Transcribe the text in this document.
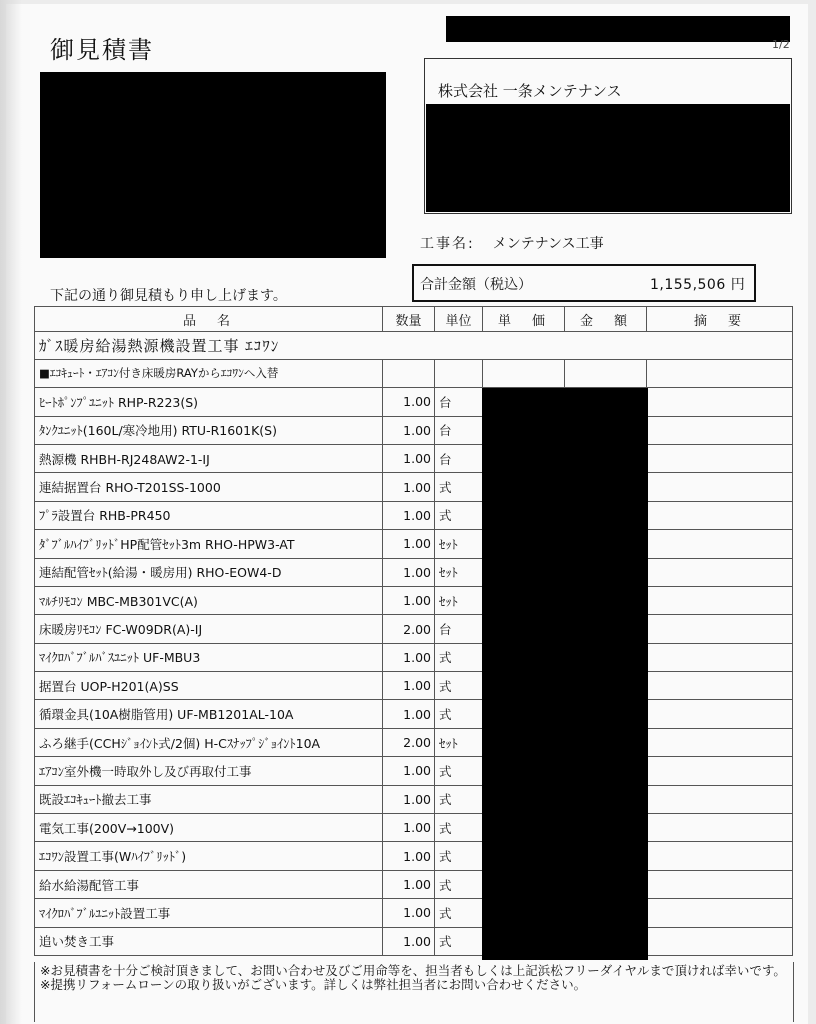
御見積書	1/2
株式会社 一条メンテナンス
工事名: メンテナンス工事
合計金額（税込）	1,155,506 円
下記の通り御見積もり申し上げます。
品　名	数量	単位	単　価	金　額	摘　要
ｶﾞｽ暖房給湯熱源機設置工事 ｴｺﾜﾝ					
■ｴｺｷｭｰﾄ・ｴｱｺﾝ付き床暖房RAYからｴｺﾜﾝへ入替					
ﾋｰﾄﾎﾟﾝﾌﾟﾕﾆｯﾄ RHP-R223(S)	1.00	台			
ﾀﾝｸﾕﾆｯﾄ(160L/寒冷地用) RTU-R1601K(S)	1.00	台			
熱源機 RHBH-RJ248AW2-1-IJ	1.00	台			
連結据置台 RHO-T201SS-1000	1.00	式			
ﾌﾟﾗ設置台 RHB-PR450	1.00	式			
ﾀﾞﾌﾞﾙﾊｲﾌﾞﾘｯﾄﾞHP配管ｾｯﾄ3m RHO-HPW3-AT	1.00	ｾｯﾄ			
連結配管ｾｯﾄ(給湯・暖房用) RHO-EOW4-D	1.00	ｾｯﾄ			
ﾏﾙﾁﾘﾓｺﾝ MBC-MB301VC(A)	1.00	ｾｯﾄ			
床暖房ﾘﾓｺﾝ FC-W09DR(A)-IJ	2.00	台			
ﾏｲｸﾛﾊﾞﾌﾞﾙﾊﾞｽﾕﾆｯﾄ UF-MBU3	1.00	式			
据置台 UOP-H201(A)SS	1.00	式			
循環金具(10A樹脂管用) UF-MB1201AL-10A	1.00	式			
ふろ継手(CCHｼﾞｮｲﾝﾄ式/2個) H-Cｽﾅｯﾌﾟｼﾞｮｲﾝﾄ10A	2.00	ｾｯﾄ			
ｴｱｺﾝ室外機一時取外し及び再取付工事	1.00	式			
既設ｴｺｷｭｰﾄ撤去工事	1.00	式			
電気工事(200V→100V)	1.00	式			
ｴｺﾜﾝ設置工事(Wﾊｲﾌﾞﾘｯﾄﾞ)	1.00	式			
給水給湯配管工事	1.00	式			
ﾏｲｸﾛﾊﾞﾌﾞﾙﾕﾆｯﾄ設置工事	1.00	式			
追い焚き工事	1.00	式			
※お見積書を十分ご検討頂きまして、お問い合わせ及びご用命等を、担当者もしくは上記浜松フリーダイヤルまで頂ければ幸いです。
※提携リフォームローンの取り扱いがございます。詳しくは弊社担当者にお問い合わせください。
